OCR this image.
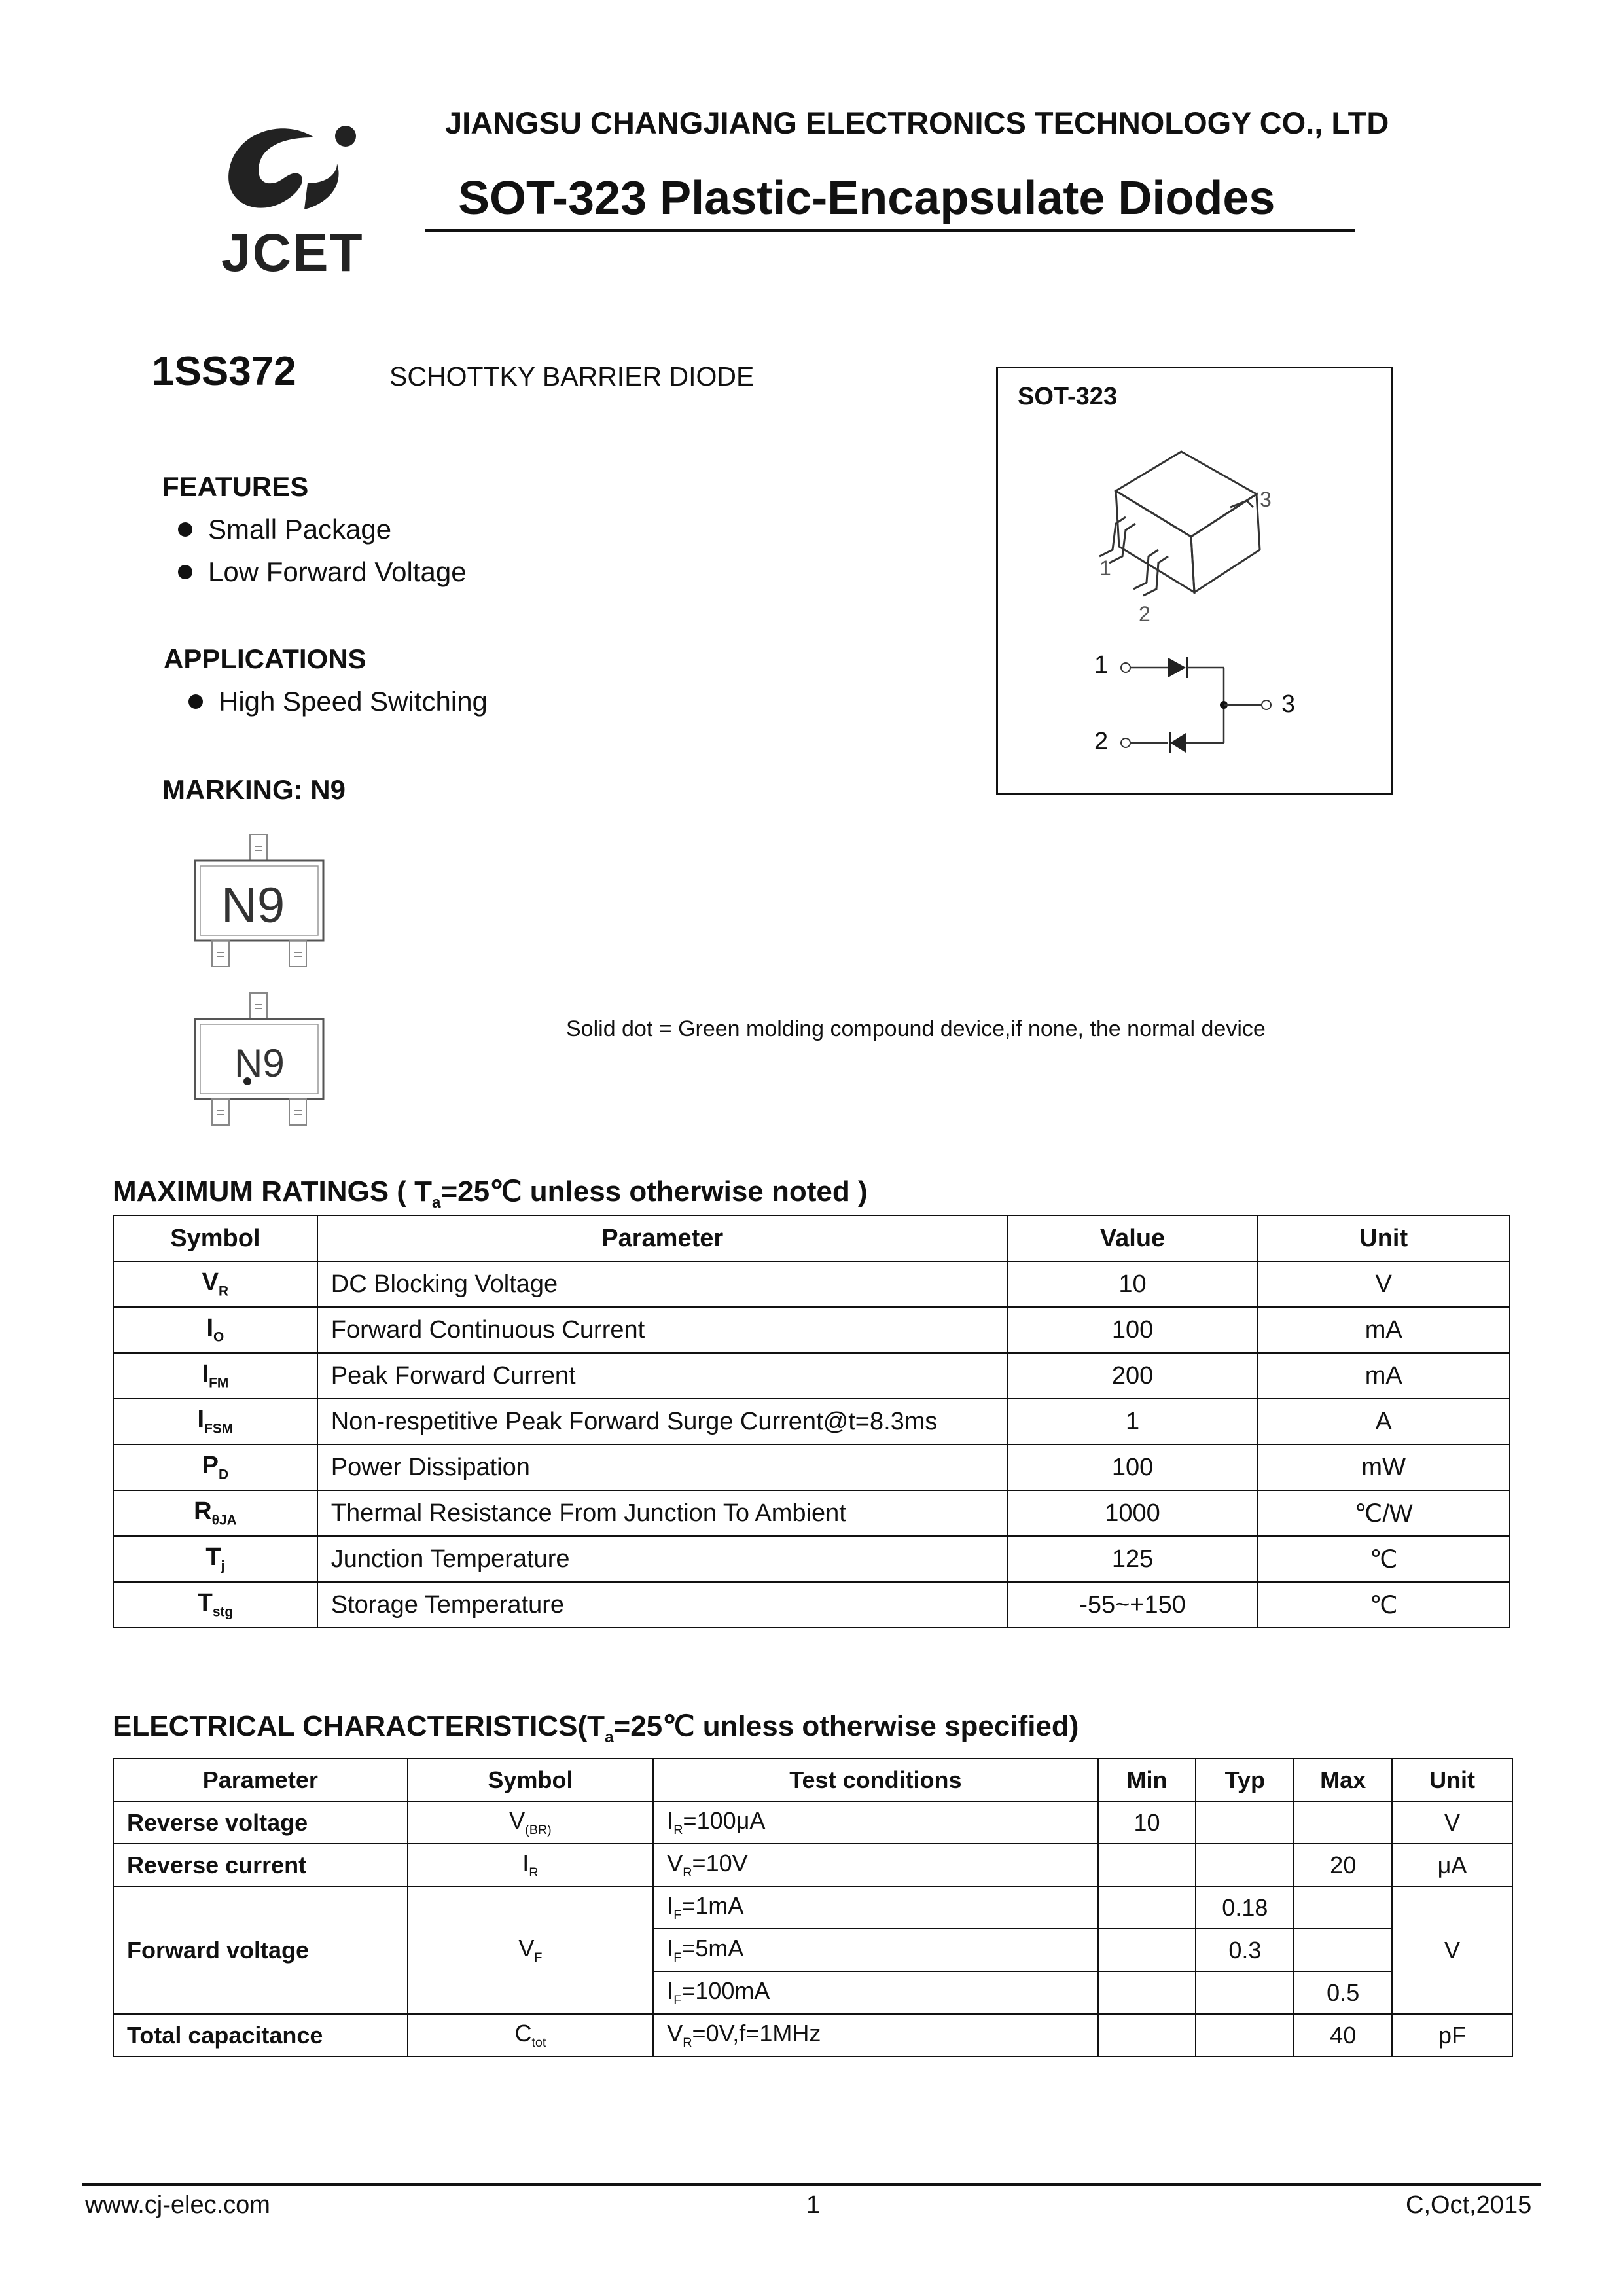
JCET
JIANGSU CHANGJIANG ELECTRONICS TECHNOLOGY CO., LTD
SOT-323 Plastic-Encapsulate Diodes
1SS372	SCHOTTKY BARRIER DIODE
FEATURES
Small Package
Low Forward Voltage
APPLICATIONS
High Speed Switching
MARKING: N9
N9
N9
Solid dot = Green molding compound device,if none, the normal device
SOT-323
1
2
3
1
2
3
MAXIMUM RATINGS ( $T_a=25℃$ unless otherwise noted )
Symbol	Parameter	Value	Unit
$V_R$	DC Blocking Voltage	10	V
$I_O$	Forward Continuous Current	100	mA
$I_{FM}$	Peak Forward Current	200	mA
$I_{FSM}$	Non-respetitive Peak Forward Surge Current@t=8.3ms	1	A
$P_D$	Power Dissipation	100	mW
$R_{\theta JA}$	Thermal Resistance From Junction To Ambient	1000	℃/W
$T_j$	Junction Temperature	125	℃
$T_{stg}$	Storage Temperature	-55~+150	℃
ELECTRICAL $CHARACTERISTICS(T_a=25℃$ unless otherwise specified)
Parameter	Symbol	Test conditions	Min	Typ	Max	Unit
Reverse voltage	$V_{(BR)}$	$I_R=100\mu A$	10			V
Reverse current	$I_R$	$V_R=10V$			20	μA
Forward voltage	$V_F$	$I_F=1mA$		0.18		V
		$I_F=5mA$		0.3		
		$I_F=100mA$			0.5	
Total capacitance	$C_{tot}$	$V_R=0V,f=1MHz$			40	pF
www.cj-elec.com	1	C,Oct,2015
